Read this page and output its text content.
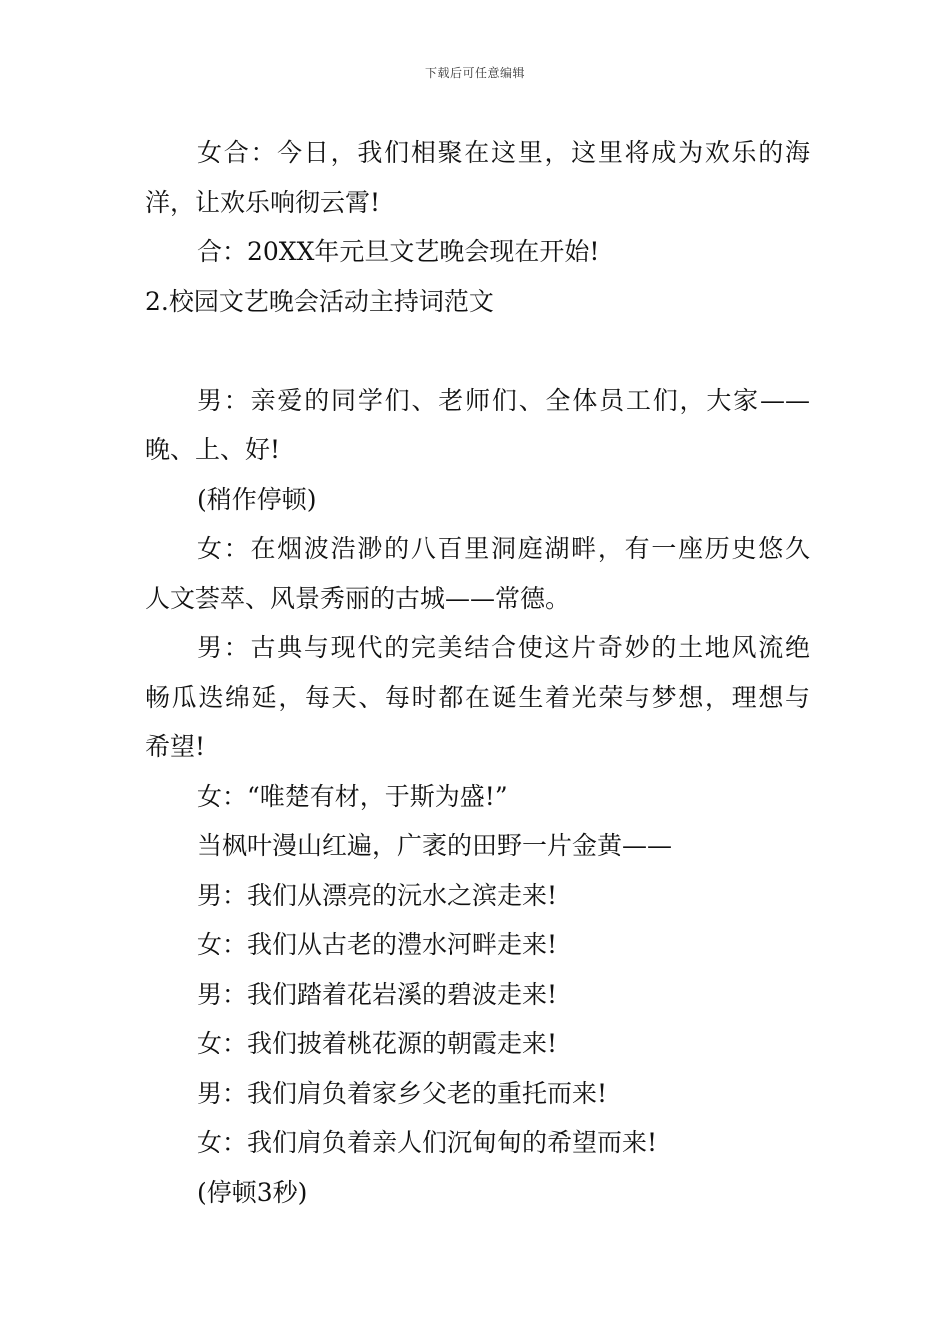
下载后可任意编辑
女合：今日，我们相聚在这里，这里将成为欢乐的海
洋，让欢乐响彻云霄!
合：20XX年元旦文艺晚会现在开始!
2.校园文艺晚会活动主持词范文
男：亲爱的同学们、老师们、全体员工们，大家——
晚、上、好!
(稍作停顿)
女：在烟波浩渺的八百里洞庭湖畔，有一座历史悠久
人文荟萃、风景秀丽的古城——常德。
男：古典与现代的完美结合使这片奇妙的土地风流绝
畅瓜迭绵延，每天、每时都在诞生着光荣与梦想，理想与
希望!
女：“唯楚有材，于斯为盛!”
当枫叶漫山红遍，广袤的田野一片金黄——
男：我们从漂亮的沅水之滨走来!
女：我们从古老的澧水河畔走来!
男：我们踏着花岩溪的碧波走来!
女：我们披着桃花源的朝霞走来!
男：我们肩负着家乡父老的重托而来!
女：我们肩负着亲人们沉甸甸的希望而来!
(停顿3秒)
